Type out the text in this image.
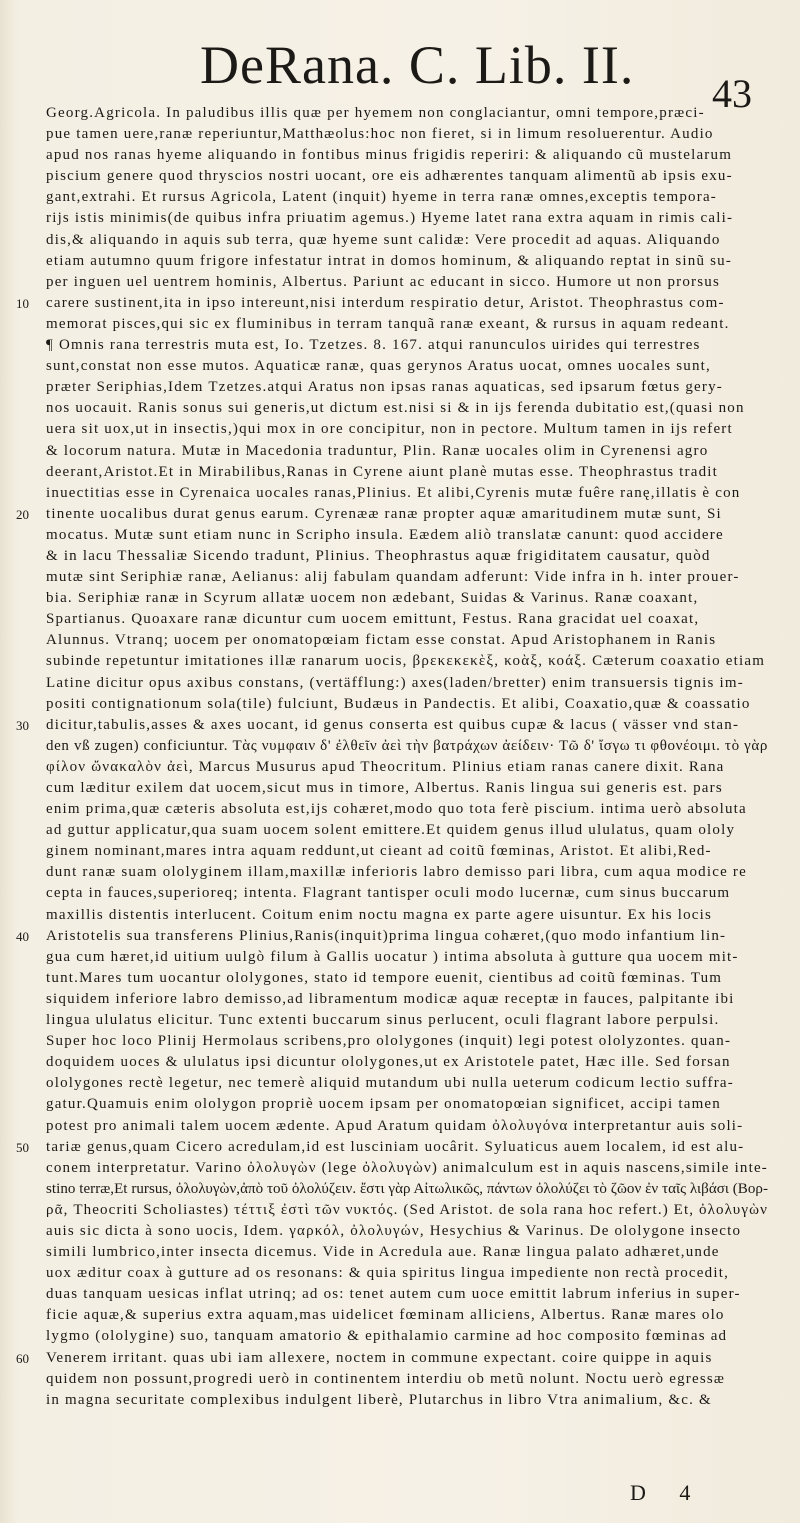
DeRana. C. Lib. II. 43
Georg.Agricola. In paludibus illis quæ per hyemem non conglaciantur, omni tempore,præci-
pue tamen uere,ranæ reperiuntur,Matthæolus:hoc non fieret, si in limum resoluerentur. Audio
apud nos ranas hyeme aliquando in fontibus minus frigidis reperiri: & aliquando cũ mustelarum
piscium genere quod thryscios nostri uocant, ore eis adhærentes tanquam alimentũ ab ipsis exu-
gant,extrahi. Et rursus Agricola, Latent (inquit) hyeme in terra ranæ omnes,exceptis tempora-
rijs istis minimis(de quibus infra priuatim agemus.) Hyeme latet rana extra aquam in rimis cali-
dis,& aliquando in aquis sub terra, quæ hyeme sunt calidæ: Vere procedit ad aquas. Aliquando
etiam autumno quum frigore infestatur intrat in domos hominum, & aliquando reptat in sinũ su-
per inguen uel uentrem hominis, Albertus. Pariunt ac educant in sicco. Humore ut non prorsus
10	carere sustinent,ita in ipso intereunt,nisi interdum respiratio detur, Aristot. Theophrastus com-
memorat pisces,qui sic ex fluminibus in terram tanquã ranæ exeant, & rursus in aquam redeant.
¶ Omnis rana terrestris muta est, Io. Tzetzes. 8. 167. atqui ranunculos uirides qui terrestres
sunt,constat non esse mutos. Aquaticæ ranæ, quas gerynos Aratus uocat, omnes uocales sunt,
præter Seriphias,Idem Tzetzes.atqui Aratus non ipsas ranas aquaticas, sed ipsarum fœtus gery-
nos uocauit. Ranis sonus sui generis,ut dictum est.nisi si & in ijs ferenda dubitatio est,(quasi non
uera sit uox,ut in insectis,)qui mox in ore concipitur, non in pectore. Multum tamen in ijs refert
& locorum natura. Mutæ in Macedonia traduntur, Plin. Ranæ uocales olim in Cyrenensi agro
deerant,Aristot.Et in Mirabilibus,Ranas in Cyrene aiunt planè mutas esse. Theophrastus tradit
inuectitias esse in Cyrenaica uocales ranas,Plinius. Et alibi,Cyrenis mutæ fuêre ranę,illatis è con
20	tinente uocalibus durat genus earum. Cyrenææ ranæ propter aquæ amaritudinem mutæ sunt, Si
mocatus. Mutæ sunt etiam nunc in Scripho insula. Eædem aliò translatæ canunt: quod accidere
& in lacu Thessaliæ Sicendo tradunt, Plinius. Theophrastus aquæ frigiditatem causatur, quòd
mutæ sint Seriphiæ ranæ, Aelianus: alij fabulam quandam adferunt: Vide infra in h. inter prouer-
bia. Seriphiæ ranæ in Scyrum allatæ uocem non ædebant, Suidas & Varinus. Ranæ coaxant,
Spartianus. Quoaxare ranæ dicuntur cum uocem emittunt, Festus. Rana gracidat uel coaxat,
Alunnus. Vtranq; uocem per onomatopœiam fictam esse constat. Apud Aristophanem in Ranis
subinde repetuntur imitationes illæ ranarum uocis, βρεκεκεκὲξ, κοὰξ, κοάξ. Cæterum coaxatio etiam
Latine dicitur opus axibus constans, (vertäfflung:) axes(laden/bretter) enim transuersis tignis im-
positi contignationum sola(tile) fulciunt, Budæus in Pandectis. Et alibi, Coaxatio,quæ & coassatio
30	dicitur,tabulis,asses & axes uocant, id genus conserta est quibus cupæ & lacus ( vässer vnd stan-
den vß zugen) conficiuntur. Τὰς νυμφαιν δ' ἐλθεῖν ἀεὶ τὴν βατράχων ἀείδειν· Τῶ δ' ἴσγω τι φθονέοιμι. τὸ γὰρ
φίλον ὤνακαλὸν ἀεὶ, Marcus Musurus apud Theocritum. Plinius etiam ranas canere dixit. Rana
cum læditur exilem dat uocem,sicut mus in timore, Albertus. Ranis lingua sui generis est. pars
enim prima,quæ cæteris absoluta est,ijs cohæret,modo quo tota ferè piscium. intima uerò absoluta
ad guttur applicatur,qua suam uocem solent emittere.Et quidem genus illud ululatus, quam ololy
ginem nominant,mares intra aquam reddunt,ut cieant ad coitũ fœminas, Aristot. Et alibi,Red-
dunt ranæ suam ololyginem illam,maxillæ inferioris labro demisso pari libra, cum aqua modice re
cepta in fauces,superioreq; intenta. Flagrant tantisper oculi modo lucernæ, cum sinus buccarum
maxillis distentis interlucent. Coitum enim noctu magna ex parte agere uisuntur. Ex his locis
40	Aristotelis sua transferens Plinius,Ranis(inquit)prima lingua cohæret,(quo modo infantium lin-
gua cum hæret,id uitium uulgò filum à Gallis uocatur ) intima absoluta à gutture qua uocem mit-
tunt.Mares tum uocantur ololygones, stato id tempore euenit, cientibus ad coitũ fœminas. Tum
siquidem inferiore labro demisso,ad libramentum modicæ aquæ receptæ in fauces, palpitante ibi
lingua ululatus elicitur. Tunc extenti buccarum sinus perlucent, oculi flagrant labore perpulsi.
Super hoc loco Plinij Hermolaus scribens,pro ololygones (inquit) legi potest ololyzontes. quan-
doquidem uoces & ululatus ipsi dicuntur ololygones,ut ex Aristotele patet, Hæc ille. Sed forsan
ololygones rectè legetur, nec temerè aliquid mutandum ubi nulla ueterum codicum lectio suffra-
gatur.Quamuis enim ololygon propriè uocem ipsam per onomatopœian significet, accipi tamen
potest pro animali talem uocem ædente. Apud Aratum quidam ὀλολυγόνα interpretantur auis soli-
50	tariæ genus,quam Cicero acredulam,id est lusciniam uocârit. Syluaticus auem localem, id est alu-
conem interpretatur. Varino ὀλολυγὼν (lege ὀλολυγὼν) animalculum est in aquis nascens,simile inte-
stino terræ,Et rursus, ὀλολυγὼν,ἀπὸ τοῦ ὀλολύζειν. ἔστι γὰρ Αἰτωλικῶς, πάντων ὀλολύζει τὸ ζῶον ἐν ταῖς λιβάσι (Βορ-
ρᾶ, Theocriti Scholiastes) τέττιξ ἐστὶ τῶν νυκτός. (Sed Aristot. de sola rana hoc refert.) Et, ὀλολυγὼν
auis sic dicta à sono uocis, Idem. γαρκόλ, ὀλολυγών, Hesychius & Varinus. De ololygone insecto
simili lumbrico,inter insecta dicemus. Vide in Acredula aue. Ranæ lingua palato adhæret,unde
uox æditur coax à gutture ad os resonans: & quia spiritus lingua impediente non rectà procedit,
duas tanquam uesicas inflat utrinq; ad os: tenet autem cum uoce emittit labrum inferius in super-
ficie aquæ,& superius extra aquam,mas uidelicet fœminam alliciens, Albertus. Ranæ mares olo
lygmo (ololygine) suo, tanquam amatorio & epithalamio carmine ad hoc composito fœminas ad
60	Venerem irritant. quas ubi iam allexere, noctem in commune expectant. coire quippe in aquis
quidem non possunt,progredi uerò in continentem interdiu ob metũ nolunt. Noctu uerò egressæ
in magna securitate complexibus indulgent liberè, Plutarchus in libro Vtra animalium, &c. &
D 4
